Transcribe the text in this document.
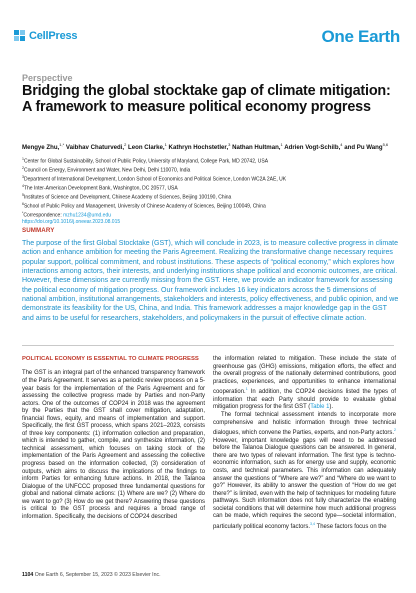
CellPress	One Earth
Perspective
Bridging the global stocktake gap of climate mitigation: A framework to measure political economy progress
Mengye Zhu,$^{1,*}$ Vaibhav Chaturvedi,$^2$ Leon Clarke,$^1$ Kathryn Hochstetler,$^3$ Nathan Hultman,$^1$ Adrien Vogt-Schilb,$^4$ and Pu Wang$^{5,6}$

$^1$Center for Global Sustainability, School of Public Policy, University of Maryland, College Park, MD 20742, USA

$^2$Council on Energy, Environment and Water, New Delhi, Delhi 110070, India

$^3$Department of International Development, London School of Economics and Political Science, London WC2A 2AE, UK

$^4$The Inter-American Development Bank, Washington, DC 20577, USA

$^5$Institutes of Science and Development, Chinese Academy of Sciences, Beijing 100190, China

$^6$School of Public Policy and Management, University of Chinese Academy of Sciences, Beijing 100049, China

*Correspondence: mzhu1234@umd.edu

https://doi.org/10.1016/j.oneear.2023.08.015

SUMMARY

The purpose of the first Global Stocktake (GST), which will conclude in 2023, is to measure collective progress in climate action and enhance ambition for meeting the Paris Agreement. Realizing the transformative change necessary requires popular support, political commitment, and robust institutions. These aspects of “political economy,” which explores how interactions among actors, their interests, and underlying institutions shape political and economic outcomes, are critical. However, these dimensions are currently missing from the GST. Here, we provide an indicator framework for assessing the political economy of mitigation progress. Our framework includes 16 key indicators across the 5 dimensions of national ambition, institutional arrangements, stakeholders and interests, policy effectiveness, and public opinion, and we demonstrate its feasibility for the US, China, and India. This framework addresses a major knowledge gap in the GST and aims to be useful for researchers, stakeholders, and policymakers in the pursuit of effective climate action.

POLITICAL ECONOMY IS ESSENTIAL TO CLIMATE PROGRESS

The GST is an integral part of the enhanced transparency framework of the Paris Agreement. It serves as a periodic review process on a 5-year basis for the implementation of the Paris Agreement and for assessing the collective progress made by Parties and non-Party actors. One of the outcomes of COP24 in 2018 was the agreement by the Parties that the GST shall cover mitigation, adaptation, financial flows, equity, and means of implementation and support. Specifically, the first GST process, which spans 2021–2023, consists of three key components: (1) information collection and preparation, which is intended to gather, compile, and synthesize information, (2) technical assessment, which focuses on taking stock of the implementation of the Paris Agreement and assessing the collective progress based on the information collected, (3) consideration of outputs, which aims to discuss the implications of the findings to inform Parties for enhancing future actions. In 2018, the Talanoa Dialogue of the UNFCCC proposed three fundamental questions for global and national climate actions: (1) Where are we? (2) Where do we want to go? (3) How do we get there? Answering these questions is critical to the GST process and requires a broad range of information. Specifically, the decisions of COP24 described

the information related to mitigation. These include the state of greenhouse gas (GHG) emissions, mitigation efforts, the effect and the overall progress of the nationally determined contributions, good practices, experiences, and opportunities to enhance international cooperation.$^1$ In addition, the COP24 decisions listed the types of information that each Party should provide to evaluate global mitigation progress for the first GST (Table 1).

The formal technical assessment intends to incorporate more comprehensive and holistic information through three technical dialogues, which convene the Parties, experts, and non-Party actors.$^2$ However, important knowledge gaps will need to be addressed before the Talanoa Dialogue questions can be answered. In general, there are two types of relevant information. The first type is techno-economic information, such as for energy use and supply, economic costs, and technical parameters. This information can adequately answer the questions of “Where are we?” and “Where do we want to go?” However, its ability to answer the question of “How do we get there?” is limited, even with the help of techniques for modeling future pathways. Such information does not fully characterize the enabling societal conditions that will determine how much additional progress can be made, which requires the second type—societal information, particularly political economy factors.$^{3,4}$ These factors focus on the

1104 One Earth 6, September 15, 2023 © 2023 Elsevier Inc.
